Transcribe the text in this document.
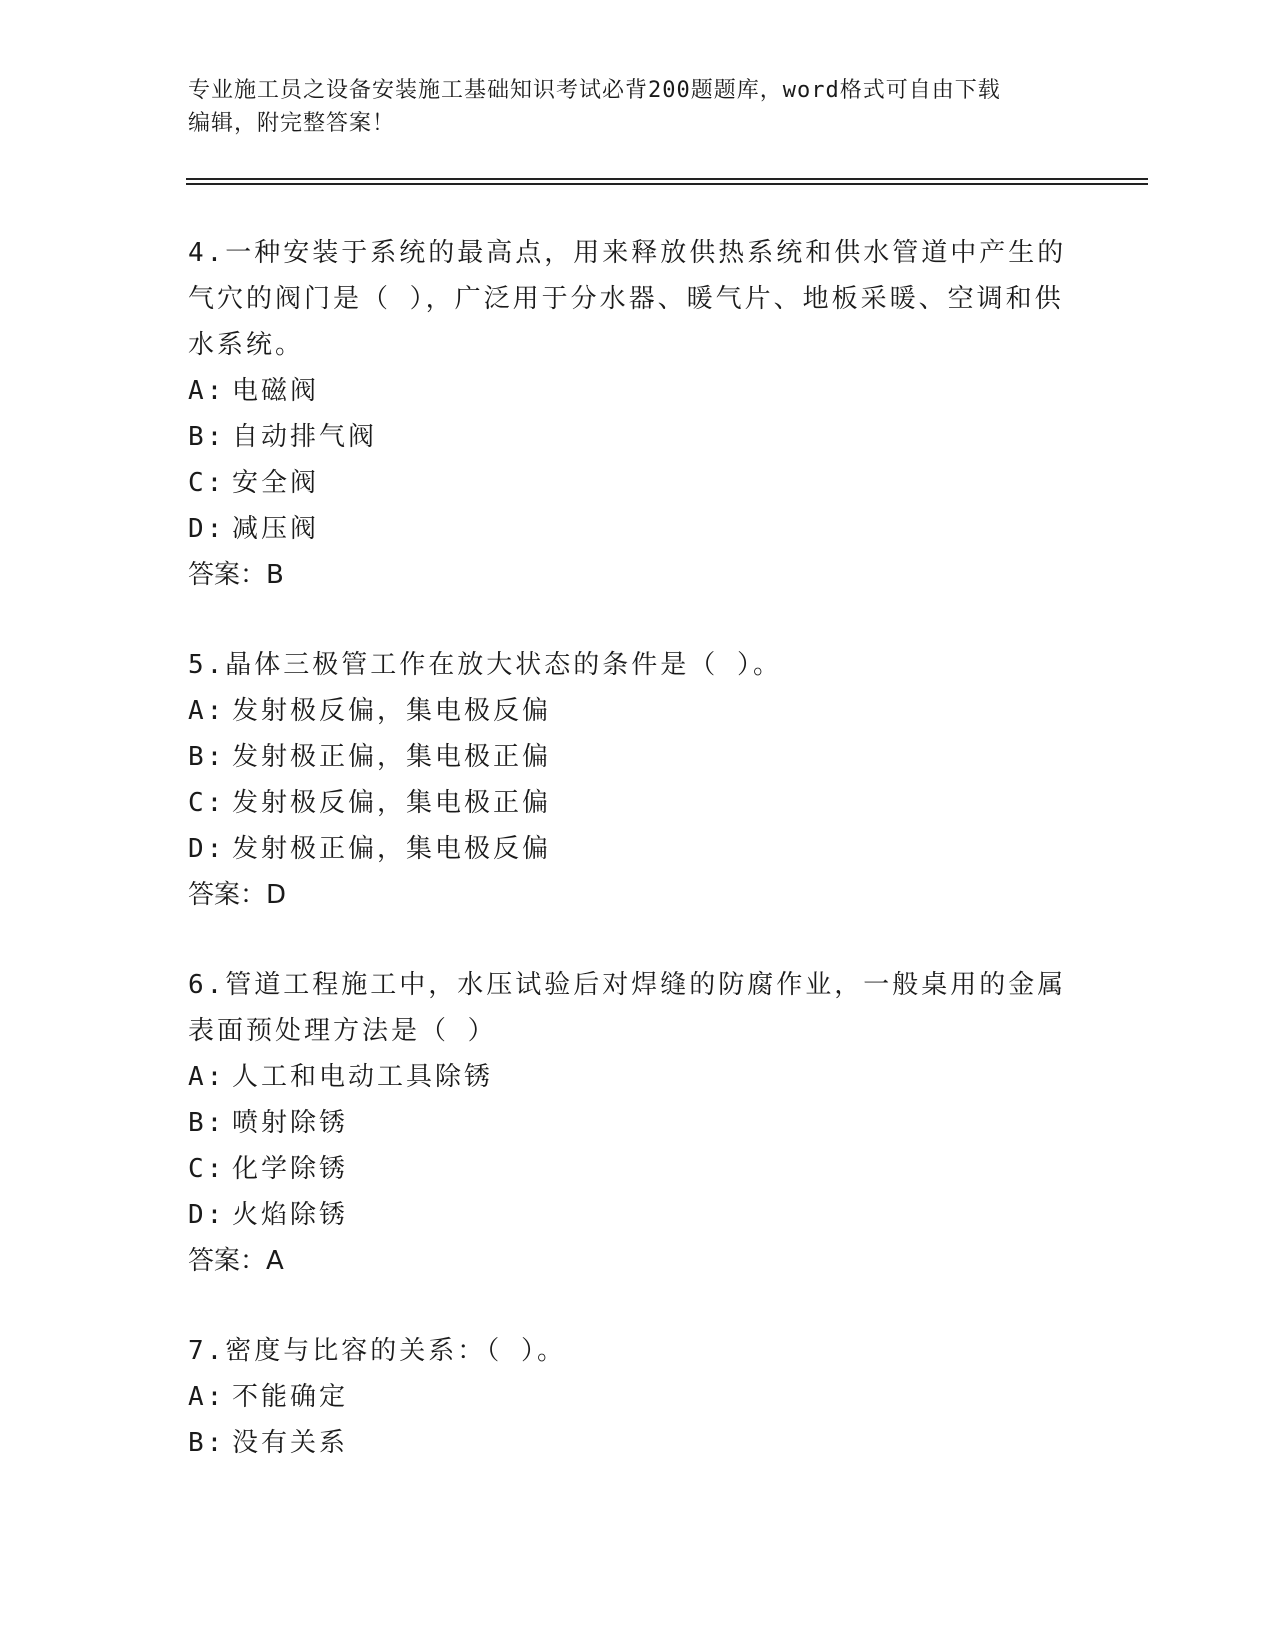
专业施工员之设备安装施工基础知识考试必背200题题库，word格式可自由下载
编辑，附完整答案！

4.一种安装于系统的最高点，用来释放供热系统和供水管道中产生的

气穴的阀门是（ ），广泛用于分水器、暖气片、地板采暖、空调和供

水系统。

A: 电磁阀
B: 自动排气阀
C: 安全阀
D: 减压阀

答案：B

5.晶体三极管工作在放大状态的条件是（ ）。

A: 发射极反偏，集电极反偏
B: 发射极正偏，集电极正偏
C: 发射极反偏，集电极正偏
D: 发射极正偏，集电极反偏

答案：D

6.管道工程施工中，水压试验后对焊缝的防腐作业，一般桌用的金属

表面预处理方法是（ ）

A: 人工和电动工具除锈
B: 喷射除锈
C: 化学除锈
D: 火焰除锈

答案：A

7.密度与比容的关系：（ ）。

A: 不能确定
B: 没有关系
